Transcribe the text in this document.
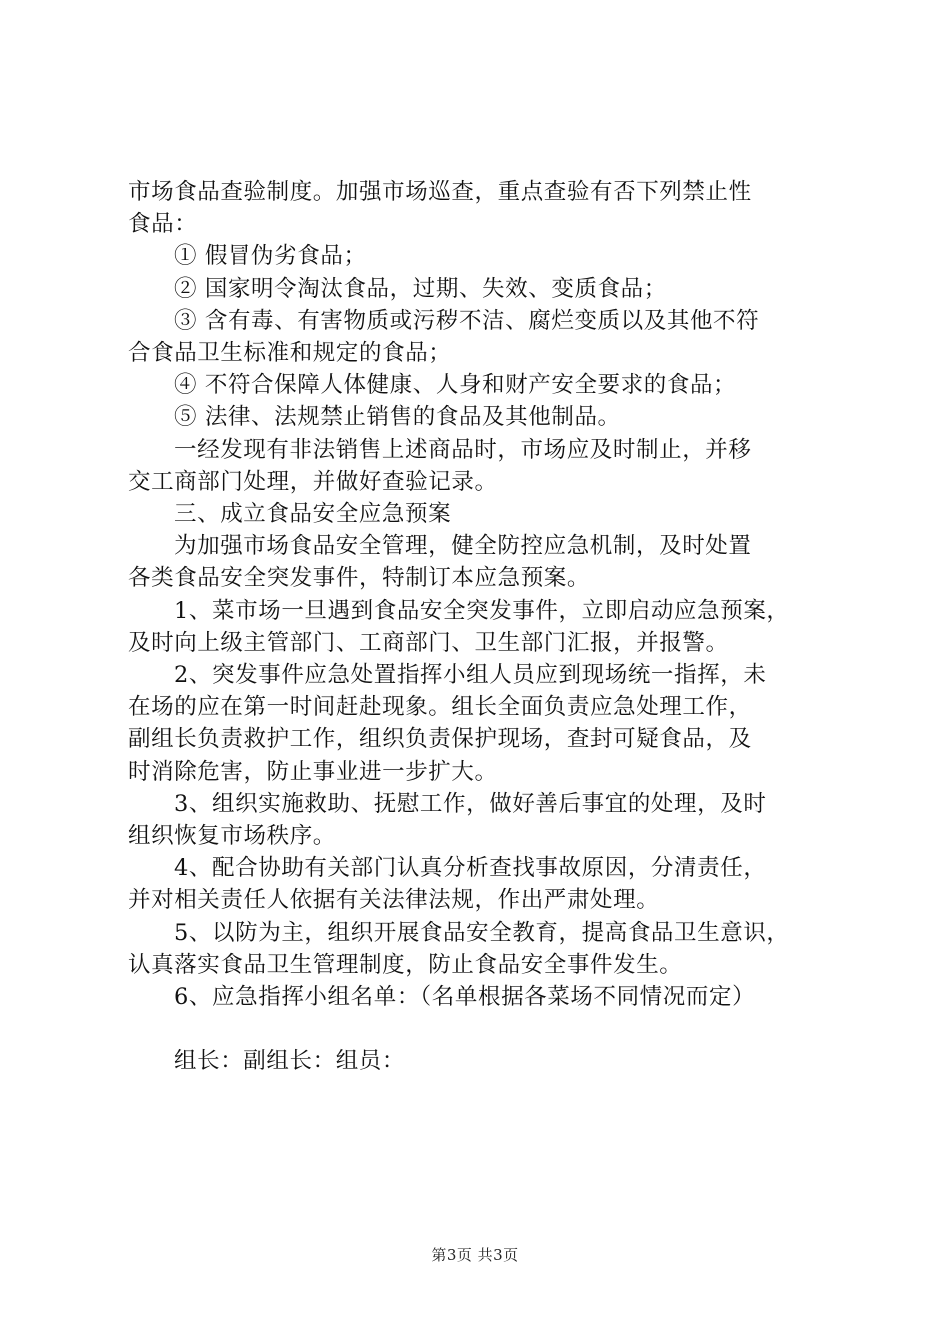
市场食品查验制度。加强市场巡查，重点查验有否下列禁止性
食品：
① 假冒伪劣食品；
② 国家明令淘汰食品，过期、失效、变质食品；
③ 含有毒、有害物质或污秽不洁、腐烂变质以及其他不符
合食品卫生标准和规定的食品；
④ 不符合保障人体健康、人身和财产安全要求的食品；
⑤ 法律、法规禁止销售的食品及其他制品。
一经发现有非法销售上述商品时，市场应及时制止，并移
交工商部门处理，并做好查验记录。
三、成立食品安全应急预案
为加强市场食品安全管理，健全防控应急机制，及时处置
各类食品安全突发事件，特制订本应急预案。
1、菜市场一旦遇到食品安全突发事件，立即启动应急预案，
及时向上级主管部门、工商部门、卫生部门汇报，并报警。
2、突发事件应急处置指挥小组人员应到现场统一指挥，未
在场的应在第一时间赶赴现象。组长全面负责应急处理工作，
副组长负责救护工作，组织负责保护现场，查封可疑食品，及
时消除危害，防止事业进一步扩大。
3、组织实施救助、抚慰工作，做好善后事宜的处理，及时
组织恢复市场秩序。
4、配合协助有关部门认真分析查找事故原因，分清责任，
并对相关责任人依据有关法律法规，作出严肃处理。
5、以防为主，组织开展食品安全教育，提高食品卫生意识，
认真落实食品卫生管理制度，防止食品安全事件发生。
6、应急指挥小组名单：（名单根据各菜场不同情况而定）
组长：副组长：组员：
第3页 共3页
